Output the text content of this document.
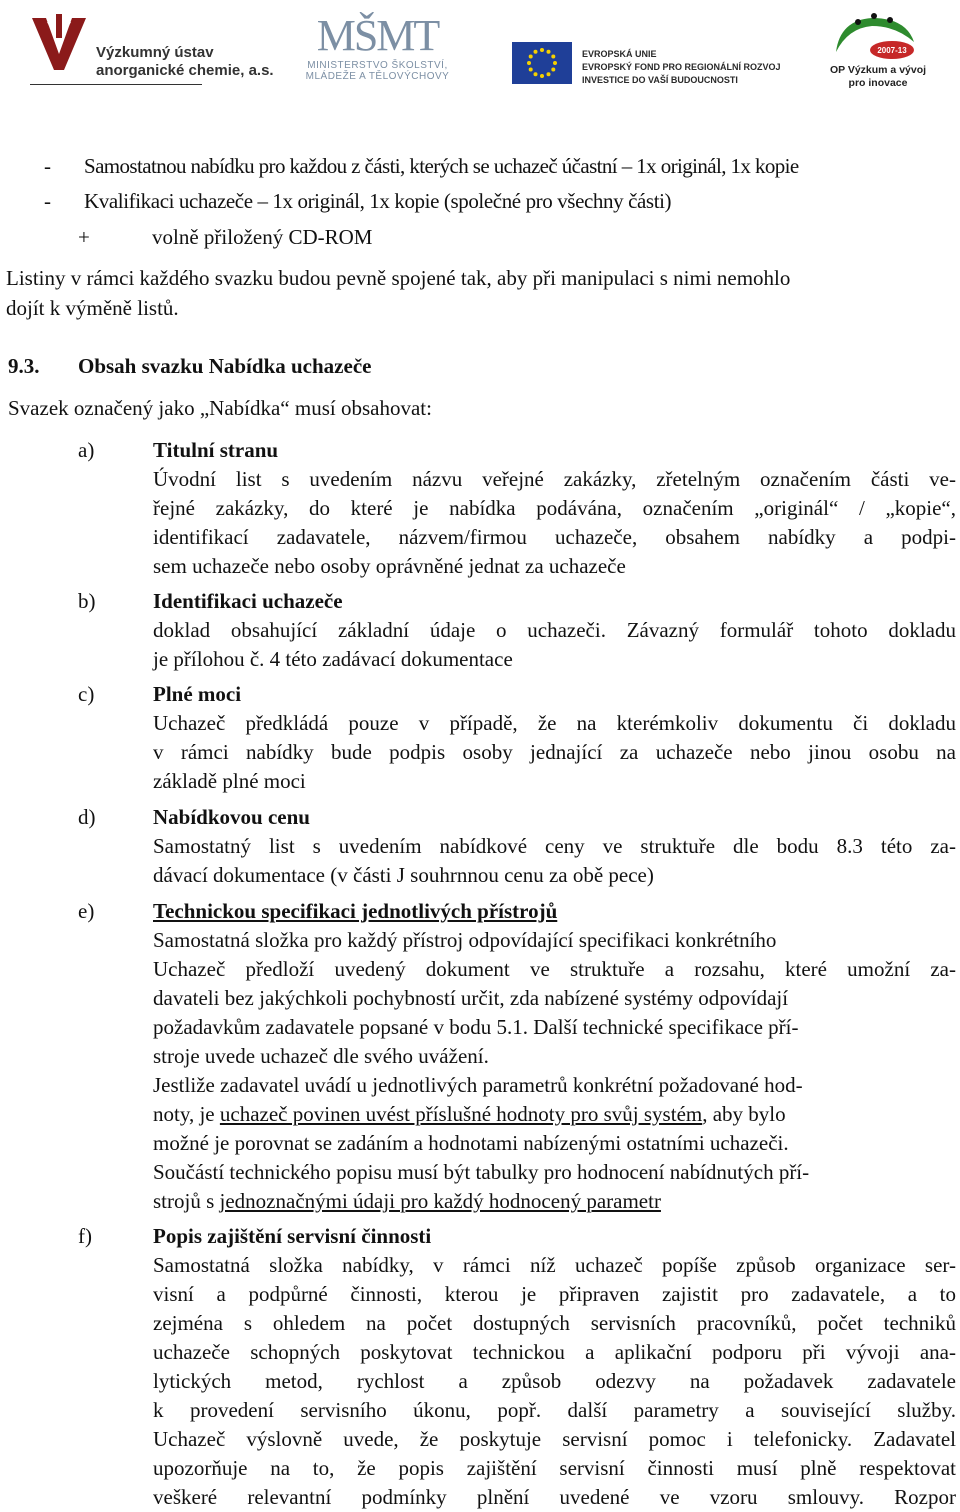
Výzkumný ústav
anorganické chemie, a.s.
MŠMT
MINISTERSTVO ŠKOLSTVÍ,
MLÁDEŽE A TĚLOVÝCHOVY
EVROPSKÁ UNIE
EVROPSKÝ FOND PRO REGIONÁLNÍ ROZVOJ
INVESTICE DO VAŠÍ BUDOUCNOSTI
2007-13
OP Výzkum a vývoj
pro inovace
- Samostatnou nabídku pro každou z části, kterých se uchazeč účastní – 1x originál, 1x kopie
- Kvalifikaci uchazeče – 1x originál, 1x kopie (společné pro všechny části)
+	volně přiložený CD-ROM
Listiny v rámci každého svazku budou pevně spojené tak, aby při manipulaci s nimi nemohlo
dojít k výměně listů.
9.3. Obsah svazku Nabídka uchazeče
Svazek označený jako „Nabídka“ musí obsahovat:
a)	Titulní stranu
Úvodní list s uvedením názvu veřejné zakázky, zřetelným označením části ve-
řejné zakázky, do které je nabídka podávána, označením „originál“ / „kopie“,
identifikací zadavatele, názvem/firmou uchazeče, obsahem nabídky a podpi-
sem uchazeče nebo osoby oprávněné jednat za uchazeče
b)	Identifikaci uchazeče
doklad obsahující základní údaje o uchazeči. Závazný formulář tohoto dokladu
je přílohou č. 4 této zadávací dokumentace
c)	Plné moci
Uchazeč předkládá pouze v případě, že na kterémkoliv dokumentu či dokladu
v rámci nabídky bude podpis osoby jednající za uchazeče nebo jinou osobu na
základě plné moci
d)	Nabídkovou cenu
Samostatný list s uvedením nabídkové ceny ve struktuře dle bodu 8.3 této za-
dávací dokumentace (v části J souhrnnou cenu za obě pece)
e)	Technickou specifikaci jednotlivých přístrojů
Samostatná složka pro každý přístroj odpovídající specifikaci konkrétního
Uchazeč předloží uvedený dokument ve struktuře a rozsahu, které umožní za-
davateli bez jakýchkoli pochybností určit, zda nabízené systémy odpovídají
požadavkům zadavatele popsané v bodu 5.1. Další technické specifikace pří-
stroje uvede uchazeč dle svého uvážení.
Jestliže zadavatel uvádí u jednotlivých parametrů konkrétní požadované hod-
noty, je uchazeč povinen uvést příslušné hodnoty pro svůj systém, aby bylo
možné je porovnat se zadáním a hodnotami nabízenými ostatními uchazeči.
Součástí technického popisu musí být tabulky pro hodnocení nabídnutých pří-
strojů s jednoznačnými údaji pro každý hodnocený parametr
f)	Popis zajištění servisní činnosti
Samostatná složka nabídky, v rámci níž uchazeč popíše způsob organizace ser-
visní a podpůrné činnosti, kterou je připraven zajistit pro zadavatele, a to
zejména s ohledem na počet dostupných servisních pracovníků, počet techniků
uchazeče schopných poskytovat technickou a aplikační podporu při vývoji ana-
lytických metod, rychlost a způsob odezvy na požadavek zadavatele
k provedení servisního úkonu, popř. další parametry a související služby.
Uchazeč výslovně uvede, že poskytuje servisní pomoc i telefonicky. Zadavatel
upozorňuje na to, že popis zajištění servisní činnosti musí plně respektovat
veškeré relevantní podmínky plnění uvedené ve vzoru smlouvy. Rozpor
